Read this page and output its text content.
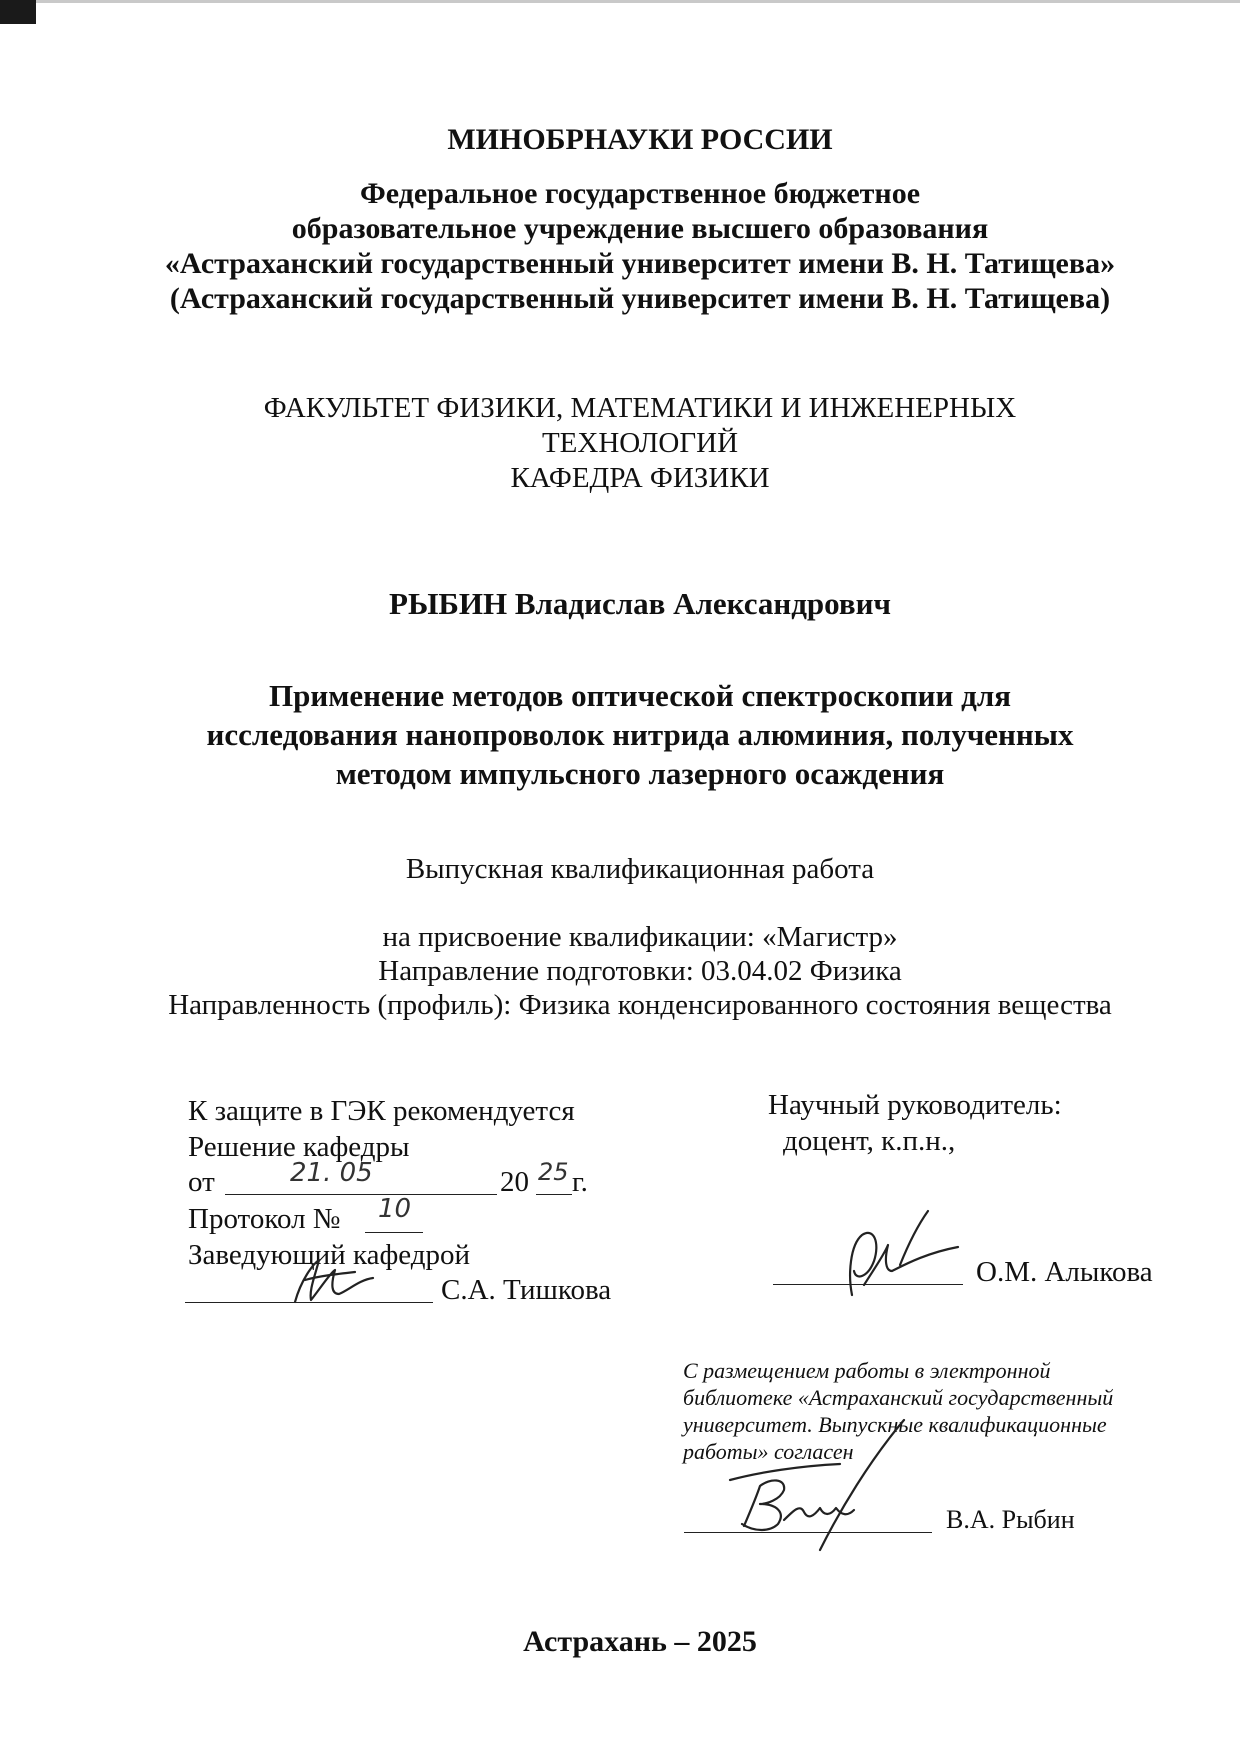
МИНОБРНАУКИ РОССИИ
Федеральное государственное бюджетное
образовательное учреждение высшего образования
«Астраханский государственный университет имени В. Н. Татищева»
(Астраханский государственный университет имени В. Н. Татищева)
ФАКУЛЬТЕТ ФИЗИКИ, МАТЕМАТИКИ И ИНЖЕНЕРНЫХ
ТЕХНОЛОГИЙ
КАФЕДРА ФИЗИКИ
РЫБИН Владислав Александрович
Применение методов оптической спектроскопии для
исследования нанопроволок нитрида алюминия, полученных
методом импульсного лазерного осаждения
Выпускная квалификационная работа
на присвоение квалификации: «Магистр»
Направление подготовки: 03.04.02 Физика
Направленность (профиль): Физика конденсированного состояния вещества
К защите в ГЭК рекомендуется
Решение кафедры
от	21. 05	20 25 г.
Протокол № 10
Заведующий кафедрой
С.А. Тишкова
Научный руководитель:
доцент, к.п.н.,
О.М. Алыкова
С размещением работы в электронной
библиотеке «Астраханский государственный
университет. Выпускные квалификационные
работы» согласен
В.А. Рыбин
Астрахань – 2025
